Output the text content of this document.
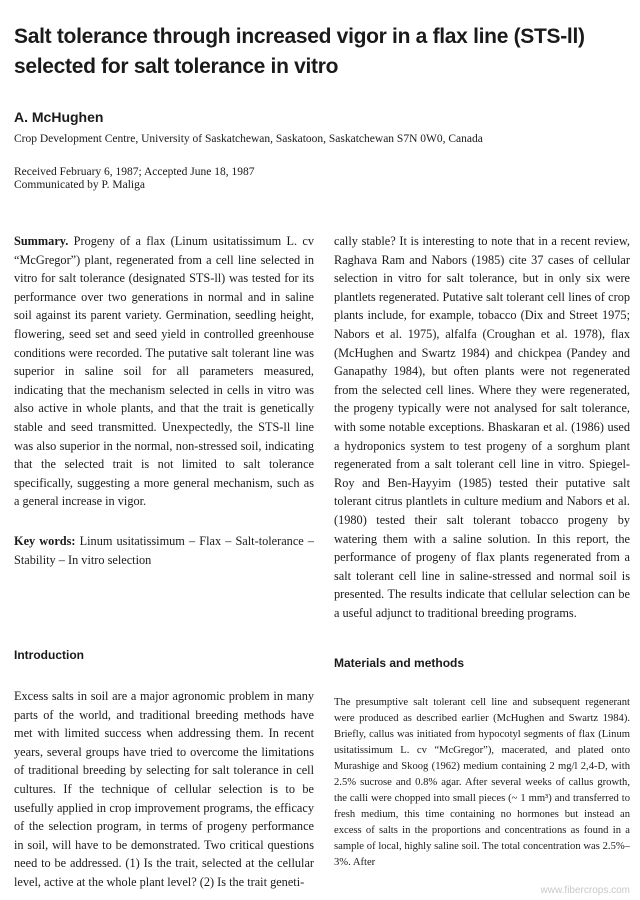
Salt tolerance through increased vigor in a flax line (STS-ll) selected for salt tolerance in vitro
A. McHughen
Crop Development Centre, University of Saskatchewan, Saskatoon, Saskatchewan S7N 0W0, Canada
Received February 6, 1987; Accepted June 18, 1987
Communicated by P. Maliga

Summary. Progeny of a flax (Linum usitatissimum L. cv “McGregor”) plant, regenerated from a cell line selected in vitro for salt tolerance (designated STS-ll) was tested for its performance over two generations in normal and in saline soil against its parent variety. Germination, seedling height, flowering, seed set and seed yield in controlled greenhouse conditions were recorded. The putative salt tolerant line was superior in saline soil for all parameters measured, indicating that the mechanism selected in cells in vitro was also active in whole plants, and that the trait is genetically stable and seed transmitted. Unexpectedly, the STS-ll line was also superior in the normal, non-stressed soil, indicating that the selected trait is not limited to salt tolerance specifically, suggesting a more general mechanism, such as a general increase in vigor.

Key words: Linum usitatissimum – Flax – Salt-tolerance – Stability – In vitro selection

Introduction

Excess salts in soil are a major agronomic problem in many parts of the world, and traditional breeding methods have met with limited success when addressing them. In recent years, several groups have tried to overcome the limitations of traditional breeding by selecting for salt tolerance in cell cultures. If the technique of cellular selection is to be usefully applied in crop improvement programs, the efficacy of the selection program, in terms of progeny performance in soil, will have to be demonstrated. Two critical questions need to be addressed. (1) Is the trait, selected at the cellular level, active at the whole plant level? (2) Is the trait geneti-

cally stable? It is interesting to note that in a recent review, Raghava Ram and Nabors (1985) cite 37 cases of cellular selection in vitro for salt tolerance, but in only six were plantlets regenerated. Putative salt tolerant cell lines of crop plants include, for example, tobacco (Dix and Street 1975; Nabors et al. 1975), alfalfa (Croughan et al. 1978), flax (McHughen and Swartz 1984) and chickpea (Pandey and Ganapathy 1984), but often plants were not regenerated from the selected cell lines. Where they were regenerated, the progeny typically were not analysed for salt tolerance, with some notable exceptions. Bhaskaran et al. (1986) used a hydroponics system to test progeny of a sorghum plant regenerated from a salt tolerant cell line in vitro. Spiegel-Roy and Ben-Hayyim (1985) tested their putative salt tolerant citrus plantlets in culture medium and Nabors et al. (1980) tested their salt tolerant tobacco progeny by watering them with a saline solution. In this report, the performance of progeny of flax plants regenerated from a salt tolerant cell line in saline-stressed and normal soil is presented. The results indicate that cellular selection can be a useful adjunct to traditional breeding programs.

Materials and methods

The presumptive salt tolerant cell line and subsequent regenerant were produced as described earlier (McHughen and Swartz 1984). Briefly, callus was initiated from hypocotyl segments of flax (Linum usitatissimum L. cv “McGregor”), macerated, and plated onto Murashige and Skoog (1962) medium containing 2 mg/l 2,4-D, with 2.5% sucrose and 0.8% agar. After several weeks of callus growth, the calli were chopped into small pieces (~ 1 mm³) and transferred to fresh medium, this time containing no hormones but instead an excess of salts in the proportions and concentrations as found in a sample of local, highly saline soil. The total concentration was 2.5%–3%. After

www.fibercrops.com
